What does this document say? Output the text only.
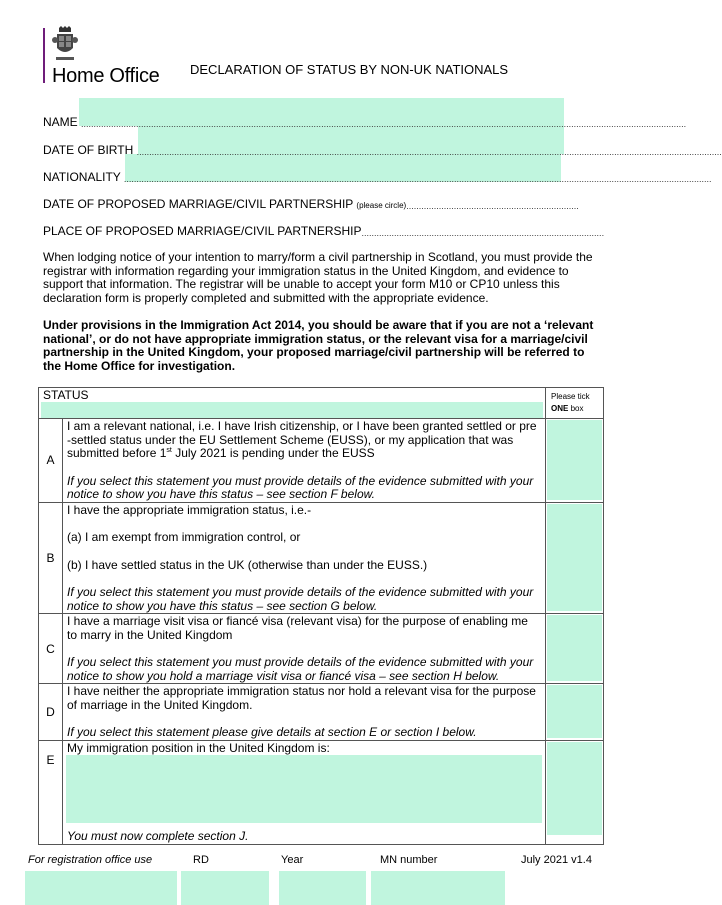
Home Office DECLARATION OF STATUS BY NON-UK NATIONALS
NAME ..................................................................................................................................................................................................................................................
DATE OF BIRTH ..........................................................................................................................................................................................................................................
NATIONALITY ...........................................................................................................................................................................................................................................
DATE OF PROPOSED MARRIAGE/CIVIL PARTNERSHIP (please circle).....................................................................
PLACE OF PROPOSED MARRIAGE/CIVIL PARTNERSHIP.................................................................................................
When lodging notice of your intention to marry/form a civil partnership in Scotland, you must provide the registrar with information regarding your immigration status in the United Kingdom, and evidence to support that information. The registrar will be unable to accept your form M10 or CP10 unless this declaration form is properly completed and submitted with the appropriate evidence.
Under provisions in the Immigration Act 2014, you should be aware that if you are not a ‘relevant national’, or do not have appropriate immigration status, or the relevant visa for a marriage/civil partnership in the United Kingdom, your proposed marriage/civil partnership will be referred to the Home Office for investigation.
STATUS		Please tick
ONE box
A	I am a relevant national, i.e. I have Irish citizenship, or I have been granted settled or pre -settled status under the EU Settlement Scheme (EUSS), or my application that was submitted before 1st July 2021 is pending under the EUSS
If you select this statement you must provide details of the evidence submitted with your notice to show you have this status – see section F below.	

B	I have the appropriate immigration status, i.e.-
(a) I am exempt from immigration control, or
(b) I have settled status in the UK (otherwise than under the EUSS.)
If you select this statement you must provide details of the evidence submitted with your notice to show you have this status – see section G below.	

C	I have a marriage visit visa or fiancé visa (relevant visa) for the purpose of enabling me to marry in the United Kingdom
If you select this statement you must provide details of the evidence submitted with your notice to show you hold a marriage visit visa or fiancé visa – see section H below.	

D	I have neither the appropriate immigration status nor hold a relevant visa for the purpose of marriage in the United Kingdom.
If you select this statement please give details at section E or section I below.	

E	My immigration position in the United Kingdom is:
You must now complete section J.	

For registration office use	RD	Year	MN number	July 2021 v1.4
